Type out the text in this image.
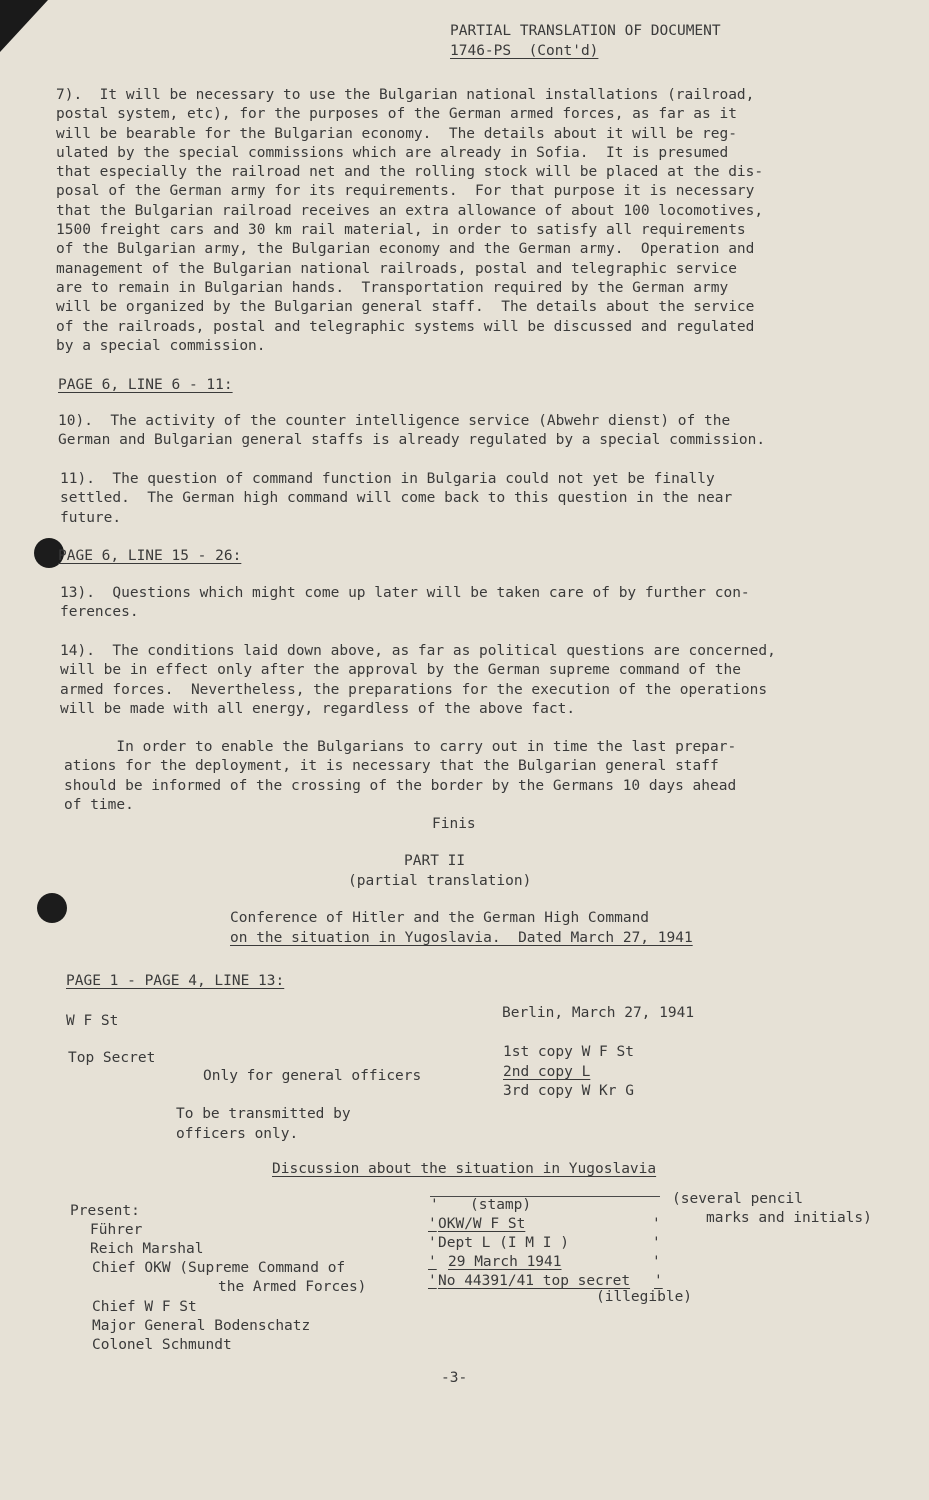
PARTIAL TRANSLATION OF DOCUMENT
1746-PS  (Cont'd)
7).  It will be necessary to use the Bulgarian national installations (railroad,
postal system, etc), for the purposes of the German armed forces, as far as it
will be bearable for the Bulgarian economy.  The details about it will be reg-
ulated by the special commissions which are already in Sofia.  It is presumed
that especially the railroad net and the rolling stock will be placed at the dis-
posal of the German army for its requirements.  For that purpose it is necessary
that the Bulgarian railroad receives an extra allowance of about 100 locomotives,
1500 freight cars and 30 km rail material, in order to satisfy all requirements
of the Bulgarian army, the Bulgarian economy and the German army.  Operation and
management of the Bulgarian national railroads, postal and telegraphic service
are to remain in Bulgarian hands.  Transportation required by the German army
will be organized by the Bulgarian general staff.  The details about the service
of the railroads, postal and telegraphic systems will be discussed and regulated
by a special commission.
PAGE 6, LINE 6 - 11:
10).  The activity of the counter intelligence service (Abwehr dienst) of the
German and Bulgarian general staffs is already regulated by a special commission.
11).  The question of command function in Bulgaria could not yet be finally
settled.  The German high command will come back to this question in the near
future.
PAGE 6, LINE 15 - 26:
13).  Questions which might come up later will be taken care of by further con-
ferences.
14).  The conditions laid down above, as far as political questions are concerned,
will be in effect only after the approval by the German supreme command of the
armed forces.  Nevertheless, the preparations for the execution of the operations
will be made with all energy, regardless of the above fact.
In order to enable the Bulgarians to carry out in time the last prepar-
ations for the deployment, it is necessary that the Bulgarian general staff
should be informed of the crossing of the border by the Germans 10 days ahead
of time.
Finis
PART II
(partial translation)
Conference of Hitler and the German High Command
on the situation in Yugoslavia.  Dated March 27, 1941
PAGE 1 - PAGE 4, LINE 13:
W F St	Berlin, March 27, 1941
Top Secret	1st copy W F St
Only for general officers	2nd copy L
3rd copy W Kr G
To be transmitted by
officers only.
Discussion about the situation in Yugoslavia
Present:
Führer
Reich Marshal
Chief OKW (Supreme Command of
the Armed Forces)
Chief W F St
Major General Bodenschatz
Colonel Schmundt
' (stamp)
' OKW/W F St	'
' Dept L (I M I )	'
' 29 March 1941	'
' No 44391/41 top secret '
(several pencil
marks and initials)
(illegible)
-3-
